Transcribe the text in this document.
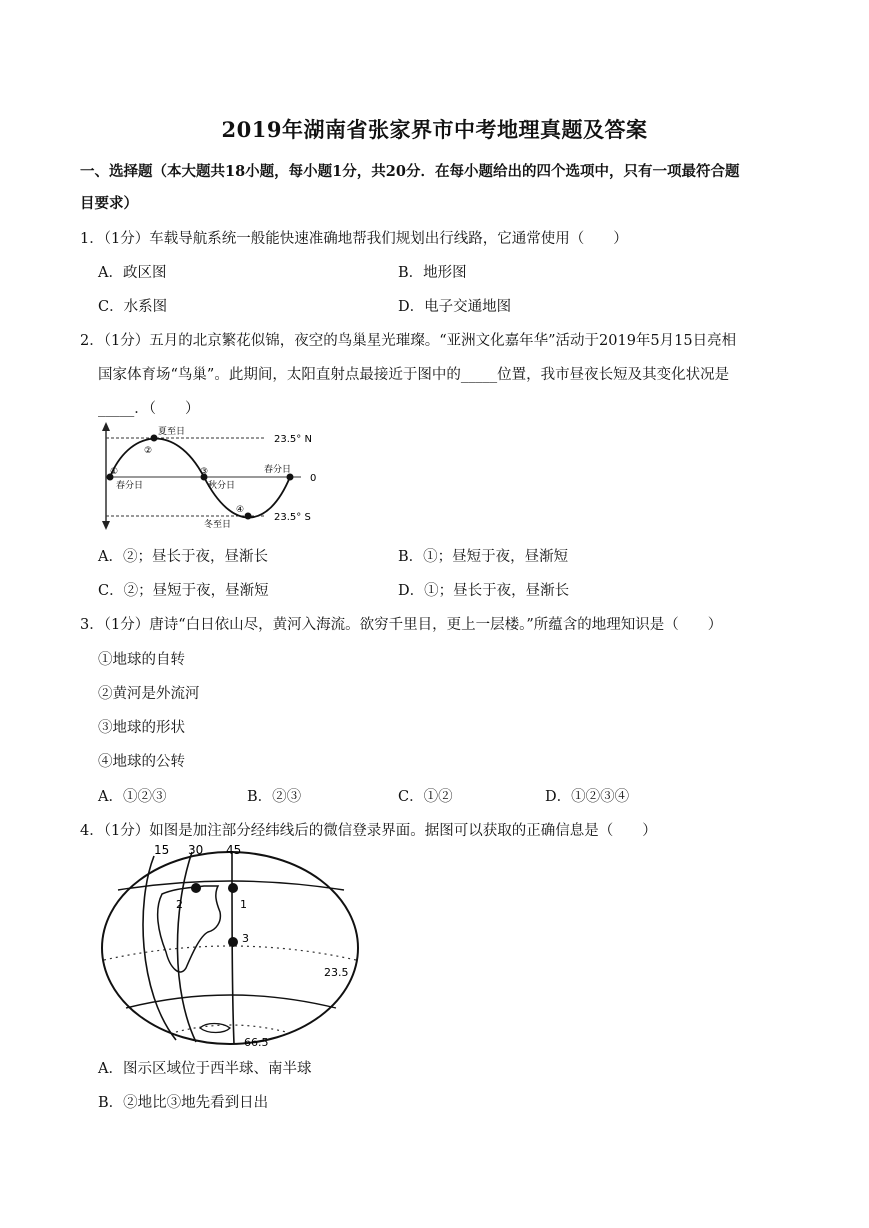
2019年湖南省张家界市中考地理真题及答案
一、选择题（本大题共18小题，每小题1分，共20分．在每小题给出的四个选项中，只有一项最符合题
目要求）
1．（1分）车载导航系统一般能快速准确地帮我们规划出行线路，它通常使用（　　）
A．政区图	B．地形图
C．水系图	D．电子交通地图
2．（1分）五月的北京繁花似锦，夜空的鸟巢星光璀璨。“亚洲文化嘉年华”活动于2019年5月15日亮相
国家体育场“鸟巢”。此期间，太阳直射点最接近于图中的_____位置，我市昼夜长短及其变化状况是
_____．（　　）
夏至日
②
①
春分日
③
秋分日
春分日
④
冬至日
23.5° N
0
23.5° S
A．②；昼长于夜，昼渐长	B．①；昼短于夜，昼渐短
C．②；昼短于夜，昼渐短	D．①；昼长于夜，昼渐长
3．（1分）唐诗“白日依山尽，黄河入海流。欲穷千里目，更上一层楼。”所蕴含的地理知识是（　　）
①地球的自转
②黄河是外流河
③地球的形状
④地球的公转
A．①②③	B．②③	C．①②	D．①②③④
4．（1分）如图是加注部分经纬线后的微信登录界面。据图可以获取的正确信息是（　　）
15 30 45
2	1
3
23.5
66.5
A．图示区域位于西半球、南半球
B．②地比③地先看到日出
